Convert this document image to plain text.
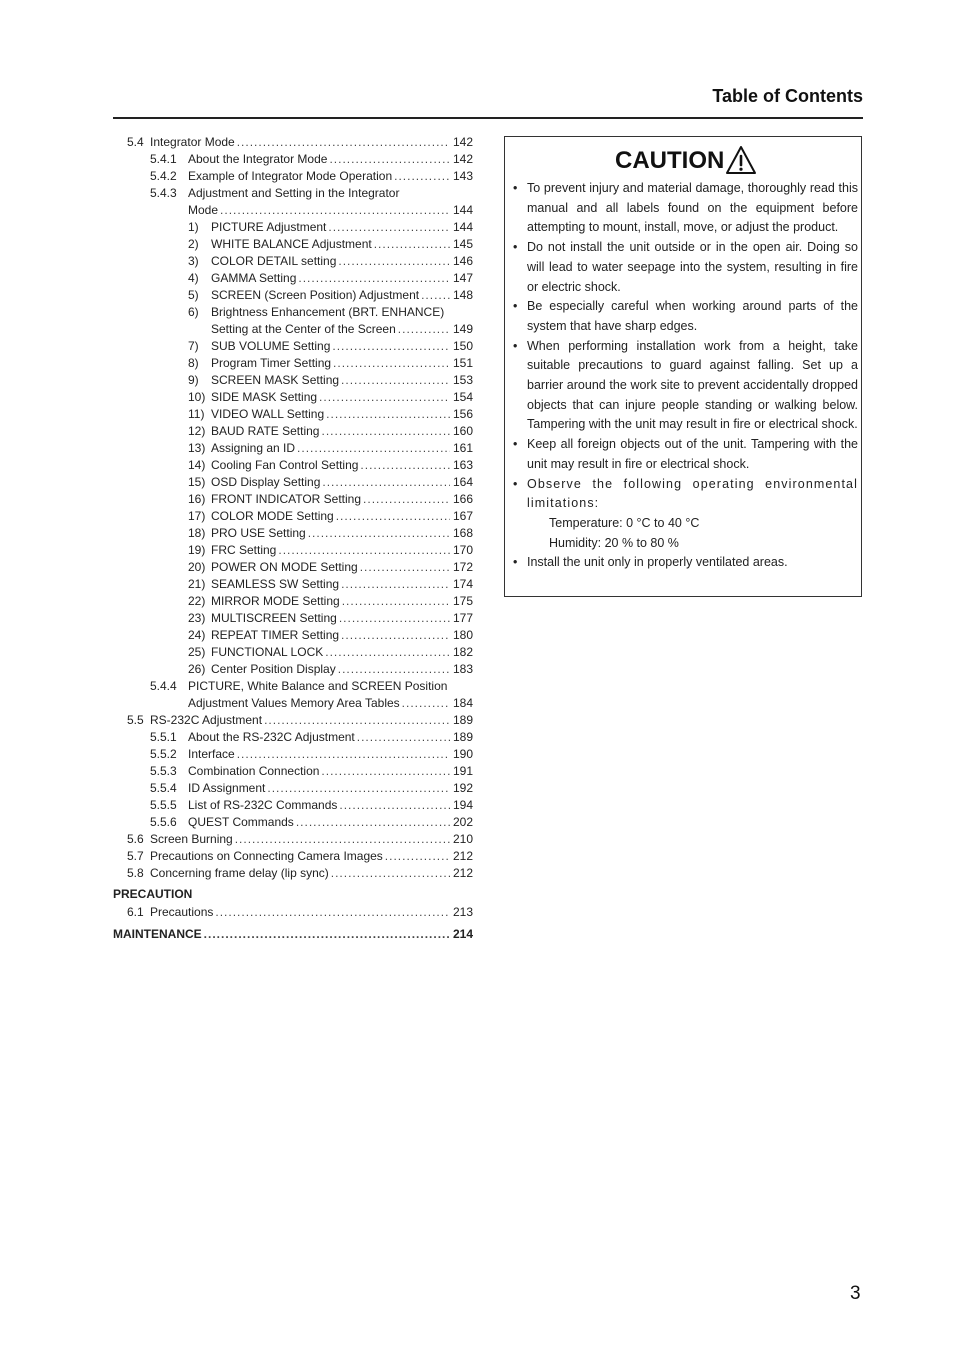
Table of Contents
5.4 Integrator Mode .....	142
5.4.1 About the Integrator Mode .....	142
5.4.2 Example of Integrator Mode Operation .....	143
5.4.3 Adjustment and Setting in the Integrator
Mode .....	144
1) PICTURE Adjustment .....	144
2) WHITE BALANCE Adjustment .....	145
3) COLOR DETAIL setting .....	146
4) GAMMA Setting .....	147
5) SCREEN (Screen Position) Adjustment .....	148
6) Brightness Enhancement (BRT. ENHANCE)
Setting at the Center of the Screen .....	149
7) SUB VOLUME Setting .....	150
8) Program Timer Setting .....	151
9) SCREEN MASK Setting .....	153
10) SIDE MASK Setting .....	154
11) VIDEO WALL Setting .....	156
12) BAUD RATE Setting .....	160
13) Assigning an ID .....	161
14) Cooling Fan Control Setting .....	163
15) OSD Display Setting .....	164
16) FRONT INDICATOR Setting .....	166
17) COLOR MODE Setting .....	167
18) PRO USE Setting .....	168
19) FRC Setting .....	170
20) POWER ON MODE Setting .....	172
21) SEAMLESS SW Setting .....	174
22) MIRROR MODE Setting .....	175
23) MULTISCREEN Setting .....	177
24) REPEAT TIMER Setting .....	180
25) FUNCTIONAL LOCK .....	182
26) Center Position Display .....	183
5.4.4 PICTURE, White Balance and SCREEN Position
Adjustment Values Memory Area Tables .....	184
5.5 RS-232C Adjustment .....	189
5.5.1 About the RS-232C Adjustment .....	189
5.5.2 Interface .....	190
5.5.3 Combination Connection .....	191
5.5.4 ID Assignment .....	192
5.5.5 List of RS-232C Commands .....	194
5.5.6 QUEST Commands .....	202
5.6 Screen Burning .....	210
5.7 Precautions on Connecting Camera Images .....	212
5.8 Concerning frame delay (lip sync) .....	212
PRECAUTION
6.1 Precautions .....	213
MAINTENANCE .....	214
CAUTION
• To prevent injury and material damage, thoroughly read this manual and all labels found on the equipment before attempting to mount, install, move, or adjust the product.
• Do not install the unit outside or in the open air. Doing so will lead to water seepage into the system, resulting in fire or electric shock.
• Be especially careful when working around parts of the system that have sharp edges.
• When performing installation work from a height, take suitable precautions to guard against falling. Set up a barrier around the work site to prevent accidentally dropped objects that can injure people standing or walking below. Tampering with the unit may result in fire or electrical shock.
• Keep all foreign objects out of the unit. Tampering with the unit may result in fire or electrical shock.
• Observe the following operating environmental limitations:
Temperature: 0 °C to 40 °C
Humidity: 20 % to 80 %
• Install the unit only in properly ventilated areas.
3
